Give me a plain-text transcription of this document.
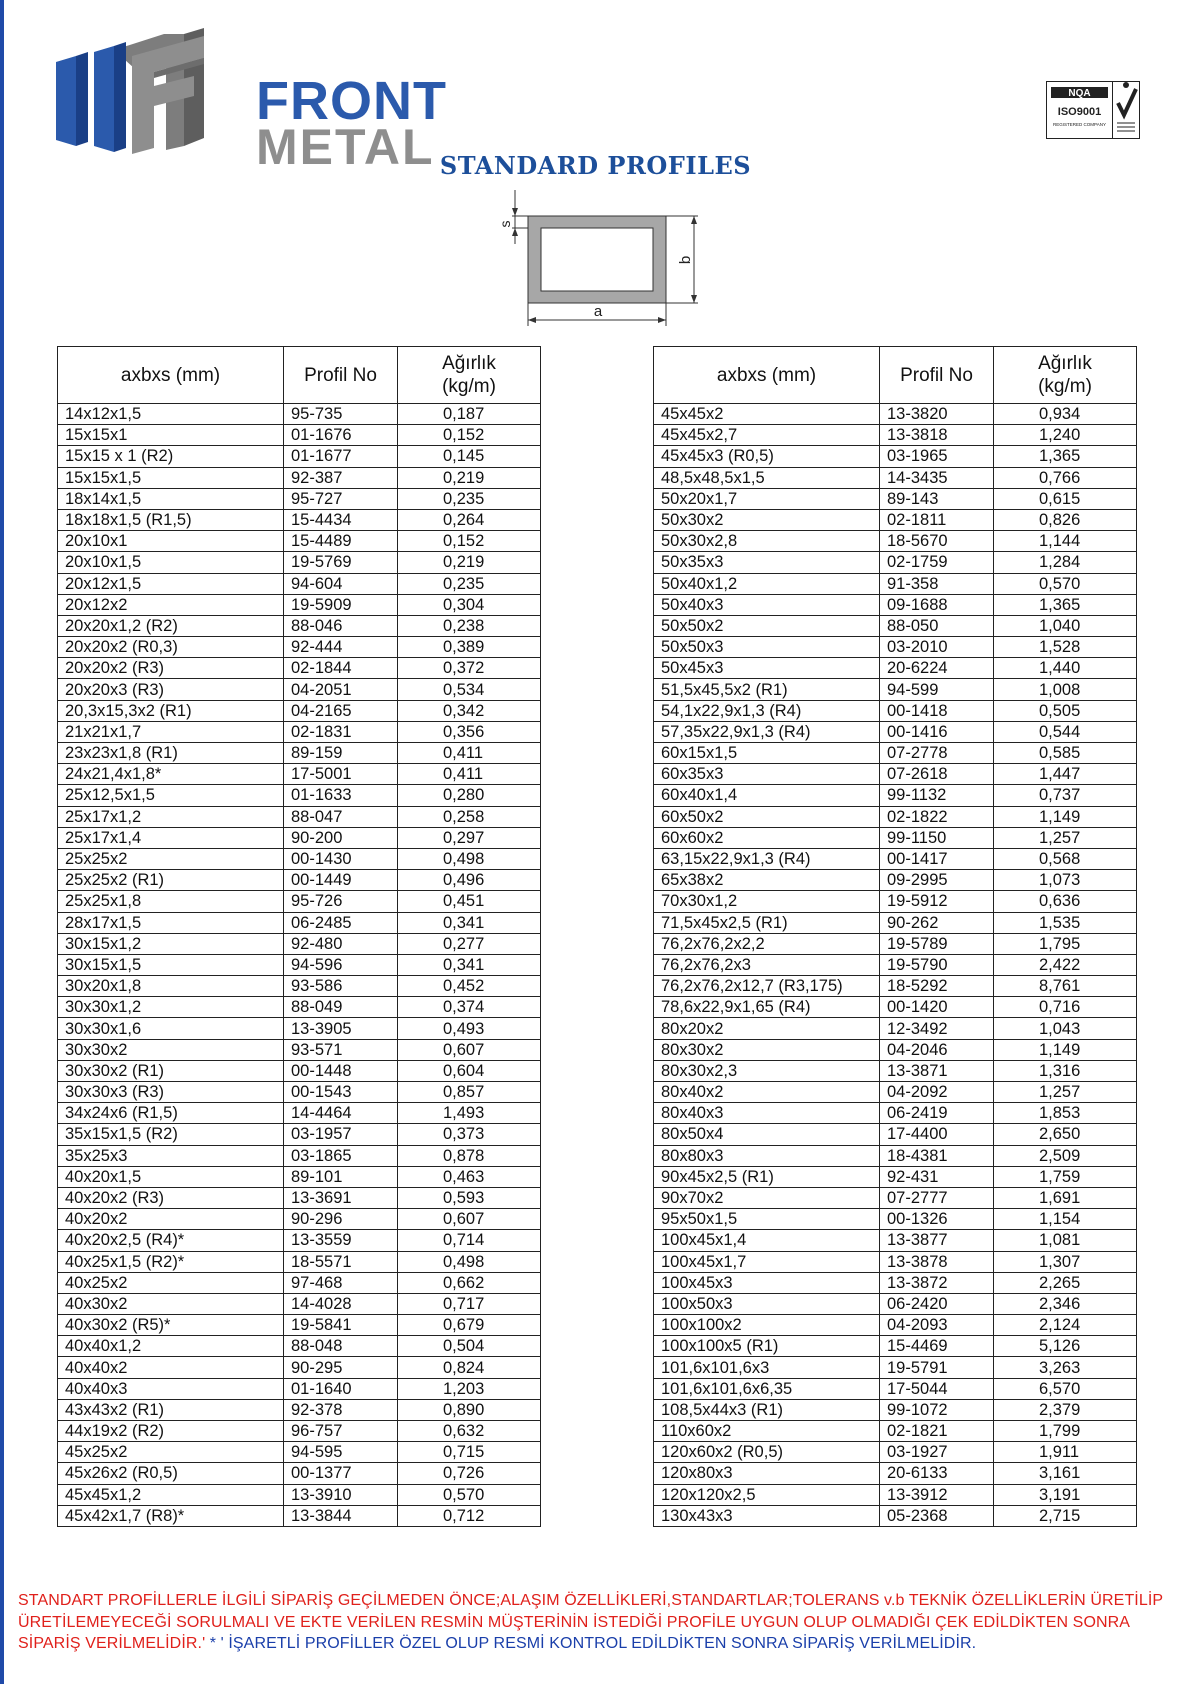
FRONT
METAL
NQA
ISO9001
REGISTERED COMPANY
STANDARD PROFILES
s
b
a
axbxs (mm)	Profil No	Ağırlık
(kg/m)
14x12x1,5	95-735	0,187
15x15x1	01-1676	0,152
15x15 x 1 (R2)	01-1677	0,145
15x15x1,5	92-387	0,219
18x14x1,5	95-727	0,235
18x18x1,5 (R1,5)	15-4434	0,264
20x10x1	15-4489	0,152
20x10x1,5	19-5769	0,219
20x12x1,5	94-604	0,235
20x12x2	19-5909	0,304
20x20x1,2 (R2)	88-046	0,238
20x20x2 (R0,3)	92-444	0,389
20x20x2 (R3)	02-1844	0,372
20x20x3 (R3)	04-2051	0,534
20,3x15,3x2 (R1)	04-2165	0,342
21x21x1,7	02-1831	0,356
23x23x1,8 (R1)	89-159	0,411
24x21,4x1,8*	17-5001	0,411
25x12,5x1,5	01-1633	0,280
25x17x1,2	88-047	0,258
25x17x1,4	90-200	0,297
25x25x2	00-1430	0,498
25x25x2 (R1)	00-1449	0,496
25x25x1,8	95-726	0,451
28x17x1,5	06-2485	0,341
30x15x1,2	92-480	0,277
30x15x1,5	94-596	0,341
30x20x1,8	93-586	0,452
30x30x1,2	88-049	0,374
30x30x1,6	13-3905	0,493
30x30x2	93-571	0,607
30x30x2 (R1)	00-1448	0,604
30x30x3 (R3)	00-1543	0,857
34x24x6 (R1,5)	14-4464	1,493
35x15x1,5 (R2)	03-1957	0,373
35x25x3	03-1865	0,878
40x20x1,5	89-101	0,463
40x20x2 (R3)	13-3691	0,593
40x20x2	90-296	0,607
40x20x2,5 (R4)*	13-3559	0,714
40x25x1,5 (R2)*	18-5571	0,498
40x25x2	97-468	0,662
40x30x2	14-4028	0,717
40x30x2 (R5)*	19-5841	0,679
40x40x1,2	88-048	0,504
40x40x2	90-295	0,824
40x40x3	01-1640	1,203
43x43x2 (R1)	92-378	0,890
44x19x2 (R2)	96-757	0,632
45x25x2	94-595	0,715
45x26x2 (R0,5)	00-1377	0,726
45x45x1,2	13-3910	0,570
45x42x1,7 (R8)*	13-3844	0,712
axbxs (mm)	Profil No	Ağırlık
(kg/m)
45x45x2	13-3820	0,934
45x45x2,7	13-3818	1,240
45x45x3 (R0,5)	03-1965	1,365
48,5x48,5x1,5	14-3435	0,766
50x20x1,7	89-143	0,615
50x30x2	02-1811	0,826
50x30x2,8	18-5670	1,144
50x35x3	02-1759	1,284
50x40x1,2	91-358	0,570
50x40x3	09-1688	1,365
50x50x2	88-050	1,040
50x50x3	03-2010	1,528
50x45x3	20-6224	1,440
51,5x45,5x2 (R1)	94-599	1,008
54,1x22,9x1,3 (R4)	00-1418	0,505
57,35x22,9x1,3 (R4)	00-1416	0,544
60x15x1,5	07-2778	0,585
60x35x3	07-2618	1,447
60x40x1,4	99-1132	0,737
60x50x2	02-1822	1,149
60x60x2	99-1150	1,257
63,15x22,9x1,3 (R4)	00-1417	0,568
65x38x2	09-2995	1,073
70x30x1,2	19-5912	0,636
71,5x45x2,5 (R1)	90-262	1,535
76,2x76,2x2,2	19-5789	1,795
76,2x76,2x3	19-5790	2,422
76,2x76,2x12,7 (R3,175)	18-5292	8,761
78,6x22,9x1,65 (R4)	00-1420	0,716
80x20x2	12-3492	1,043
80x30x2	04-2046	1,149
80x30x2,3	13-3871	1,316
80x40x2	04-2092	1,257
80x40x3	06-2419	1,853
80x50x4	17-4400	2,650
80x80x3	18-4381	2,509
90x45x2,5 (R1)	92-431	1,759
90x70x2	07-2777	1,691
95x50x1,5	00-1326	1,154
100x45x1,4	13-3877	1,081
100x45x1,7	13-3878	1,307
100x45x3	13-3872	2,265
100x50x3	06-2420	2,346
100x100x2	04-2093	2,124
100x100x5 (R1)	15-4469	5,126
101,6x101,6x3	19-5791	3,263
101,6x101,6x6,35	17-5044	6,570
108,5x44x3 (R1)	99-1072	2,379
110x60x2	02-1821	1,799
120x60x2 (R0,5)	03-1927	1,911
120x80x3	20-6133	3,161
120x120x2,5	13-3912	3,191
130x43x3	05-2368	2,715
STANDART PROFİLLERLE İLGİLİ SİPARİŞ GEÇİLMEDEN ÖNCE;ALAŞIM ÖZELLİKLERİ,STANDARTLAR;TOLERANS v.b TEKNİK ÖZELLİKLERİN ÜRETİLİP ÜRETİLEMEYECEĞİ SORULMALI VE EKTE VERİLEN RESMİN MÜŞTERİNİN İSTEDİĞİ PROFİLE UYGUN OLUP OLMADIĞI ÇEK EDİLDİKTEN SONRA SİPARİŞ VERİLMELİDİR.' * ' İŞARETLİ PROFİLLER ÖZEL OLUP RESMİ KONTROL EDİLDİKTEN SONRA SİPARİŞ VERİLMELİDİR.
